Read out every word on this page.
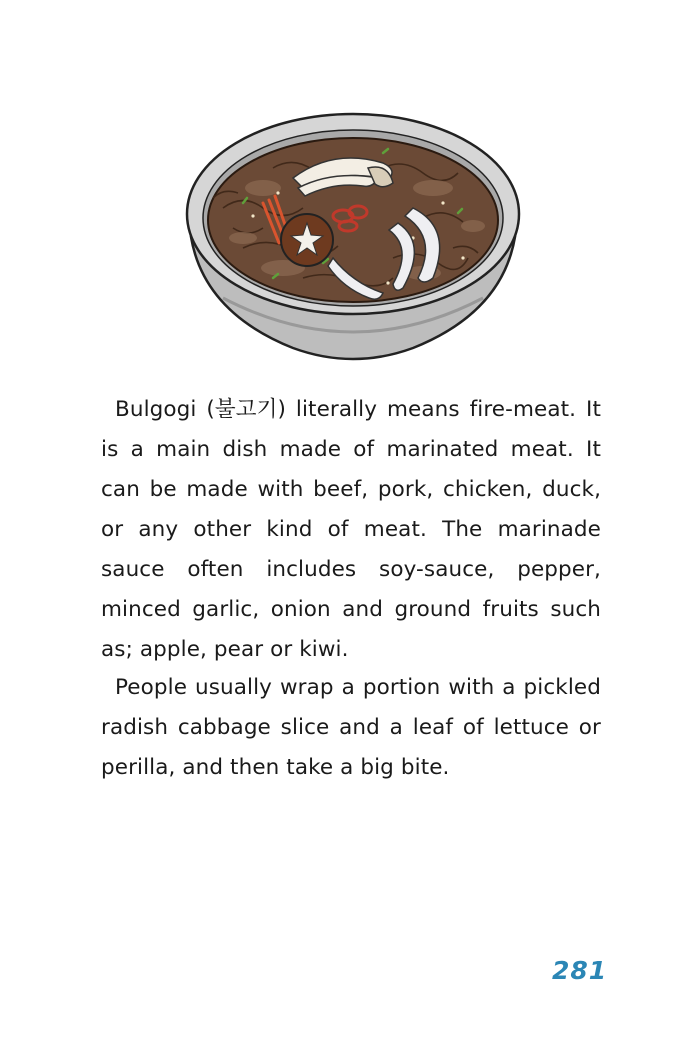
Bulgogi (불고기) literally means fire-meat. It is a main dish made of marinated meat. It can be made with beef, pork, chicken, duck, or any other kind of meat. The marinade sauce often includes soy-sauce, pepper, minced garlic, onion and ground fruits such as; apple, pear or kiwi.

People usually wrap a portion with a pickled radish cabbage slice and a leaf of lettuce or perilla, and then take a big bite.

281
